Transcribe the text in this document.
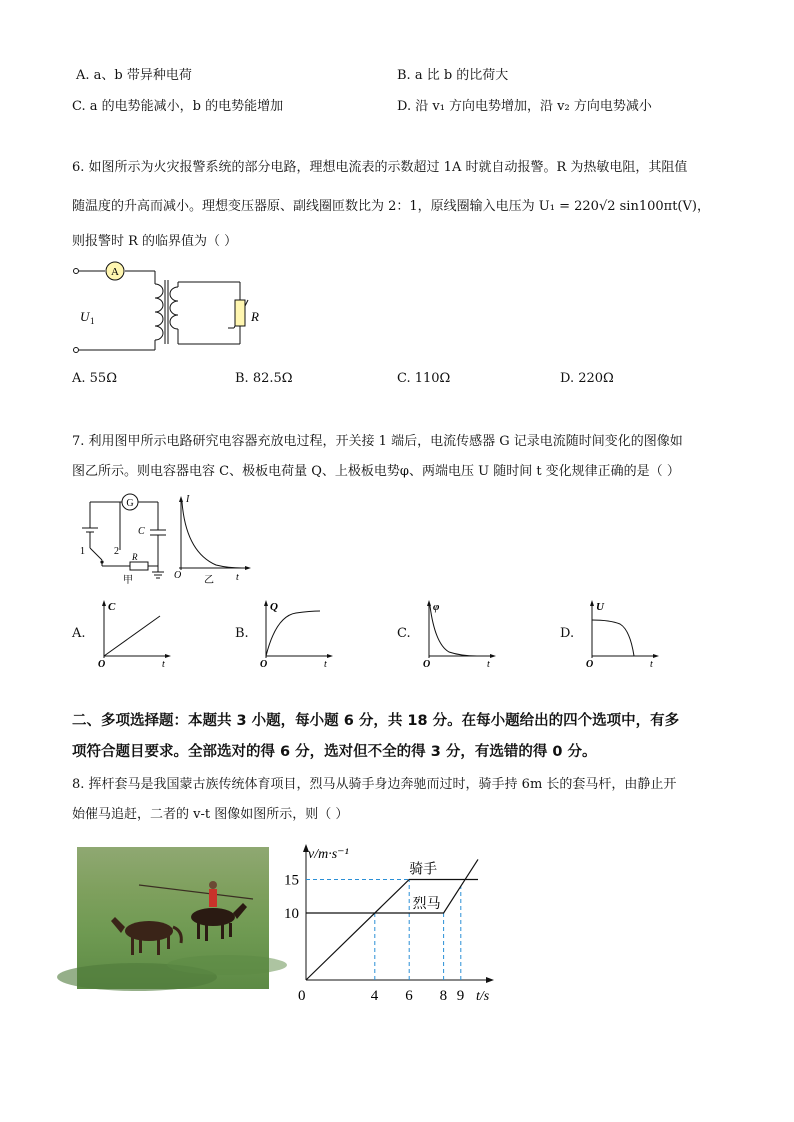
A. a、b 带异种电荷	B. a 比 b 的比荷大
C. a 的电势能减小，b 的电势能增加	D. 沿 v₁ 方向电势增加，沿 v₂ 方向电势减小
6. 如图所示为火灾报警系统的部分电路，理想电流表的示数超过 1A 时就自动报警。R 为热敏电阻，其阻值
随温度的升高而减小。理想变压器原、副线圈匝数比为 2：1，原线圈输入电压为 U₁ = 220√2 sin100πt(V)，
则报警时 R 的临界值为（ ）
A
U 1	R
A. 55Ω	B. 82.5Ω	C. 110Ω	D. 220Ω
7. 利用图甲所示电路研究电容器充放电过程，开关接 1 端后，电流传感器 G 记录电流随时间变化的图像如
图乙所示。则电容器电容 C、极板电荷量 Q、上极板电势φ、两端电压 U 随时间 t 变化规律正确的是（ ）
G
C
R
1	2
甲
I
O 乙 t
A.
C
O	t
B.
Q
O	t
C.
φ
O	t
D.
U
O	t
二、多项选择题：本题共 3 小题，每小题 6 分，共 18 分。在每小题给出的四个选项中，有多
项符合题目要求。全部选对的得 6 分，选对但不全的得 3 分，有选错的得 0 分。
8. 挥杆套马是我国蒙古族传统体育项目，烈马从骑手身边奔驰而过时，骑手持 6m 长的套马杆，由静止开
始催马追赶，二者的 v-t 图像如图所示，则（ ）
0	4 6 8 9
10
15
v/m·s⁻¹
t/s
骑手
烈马
